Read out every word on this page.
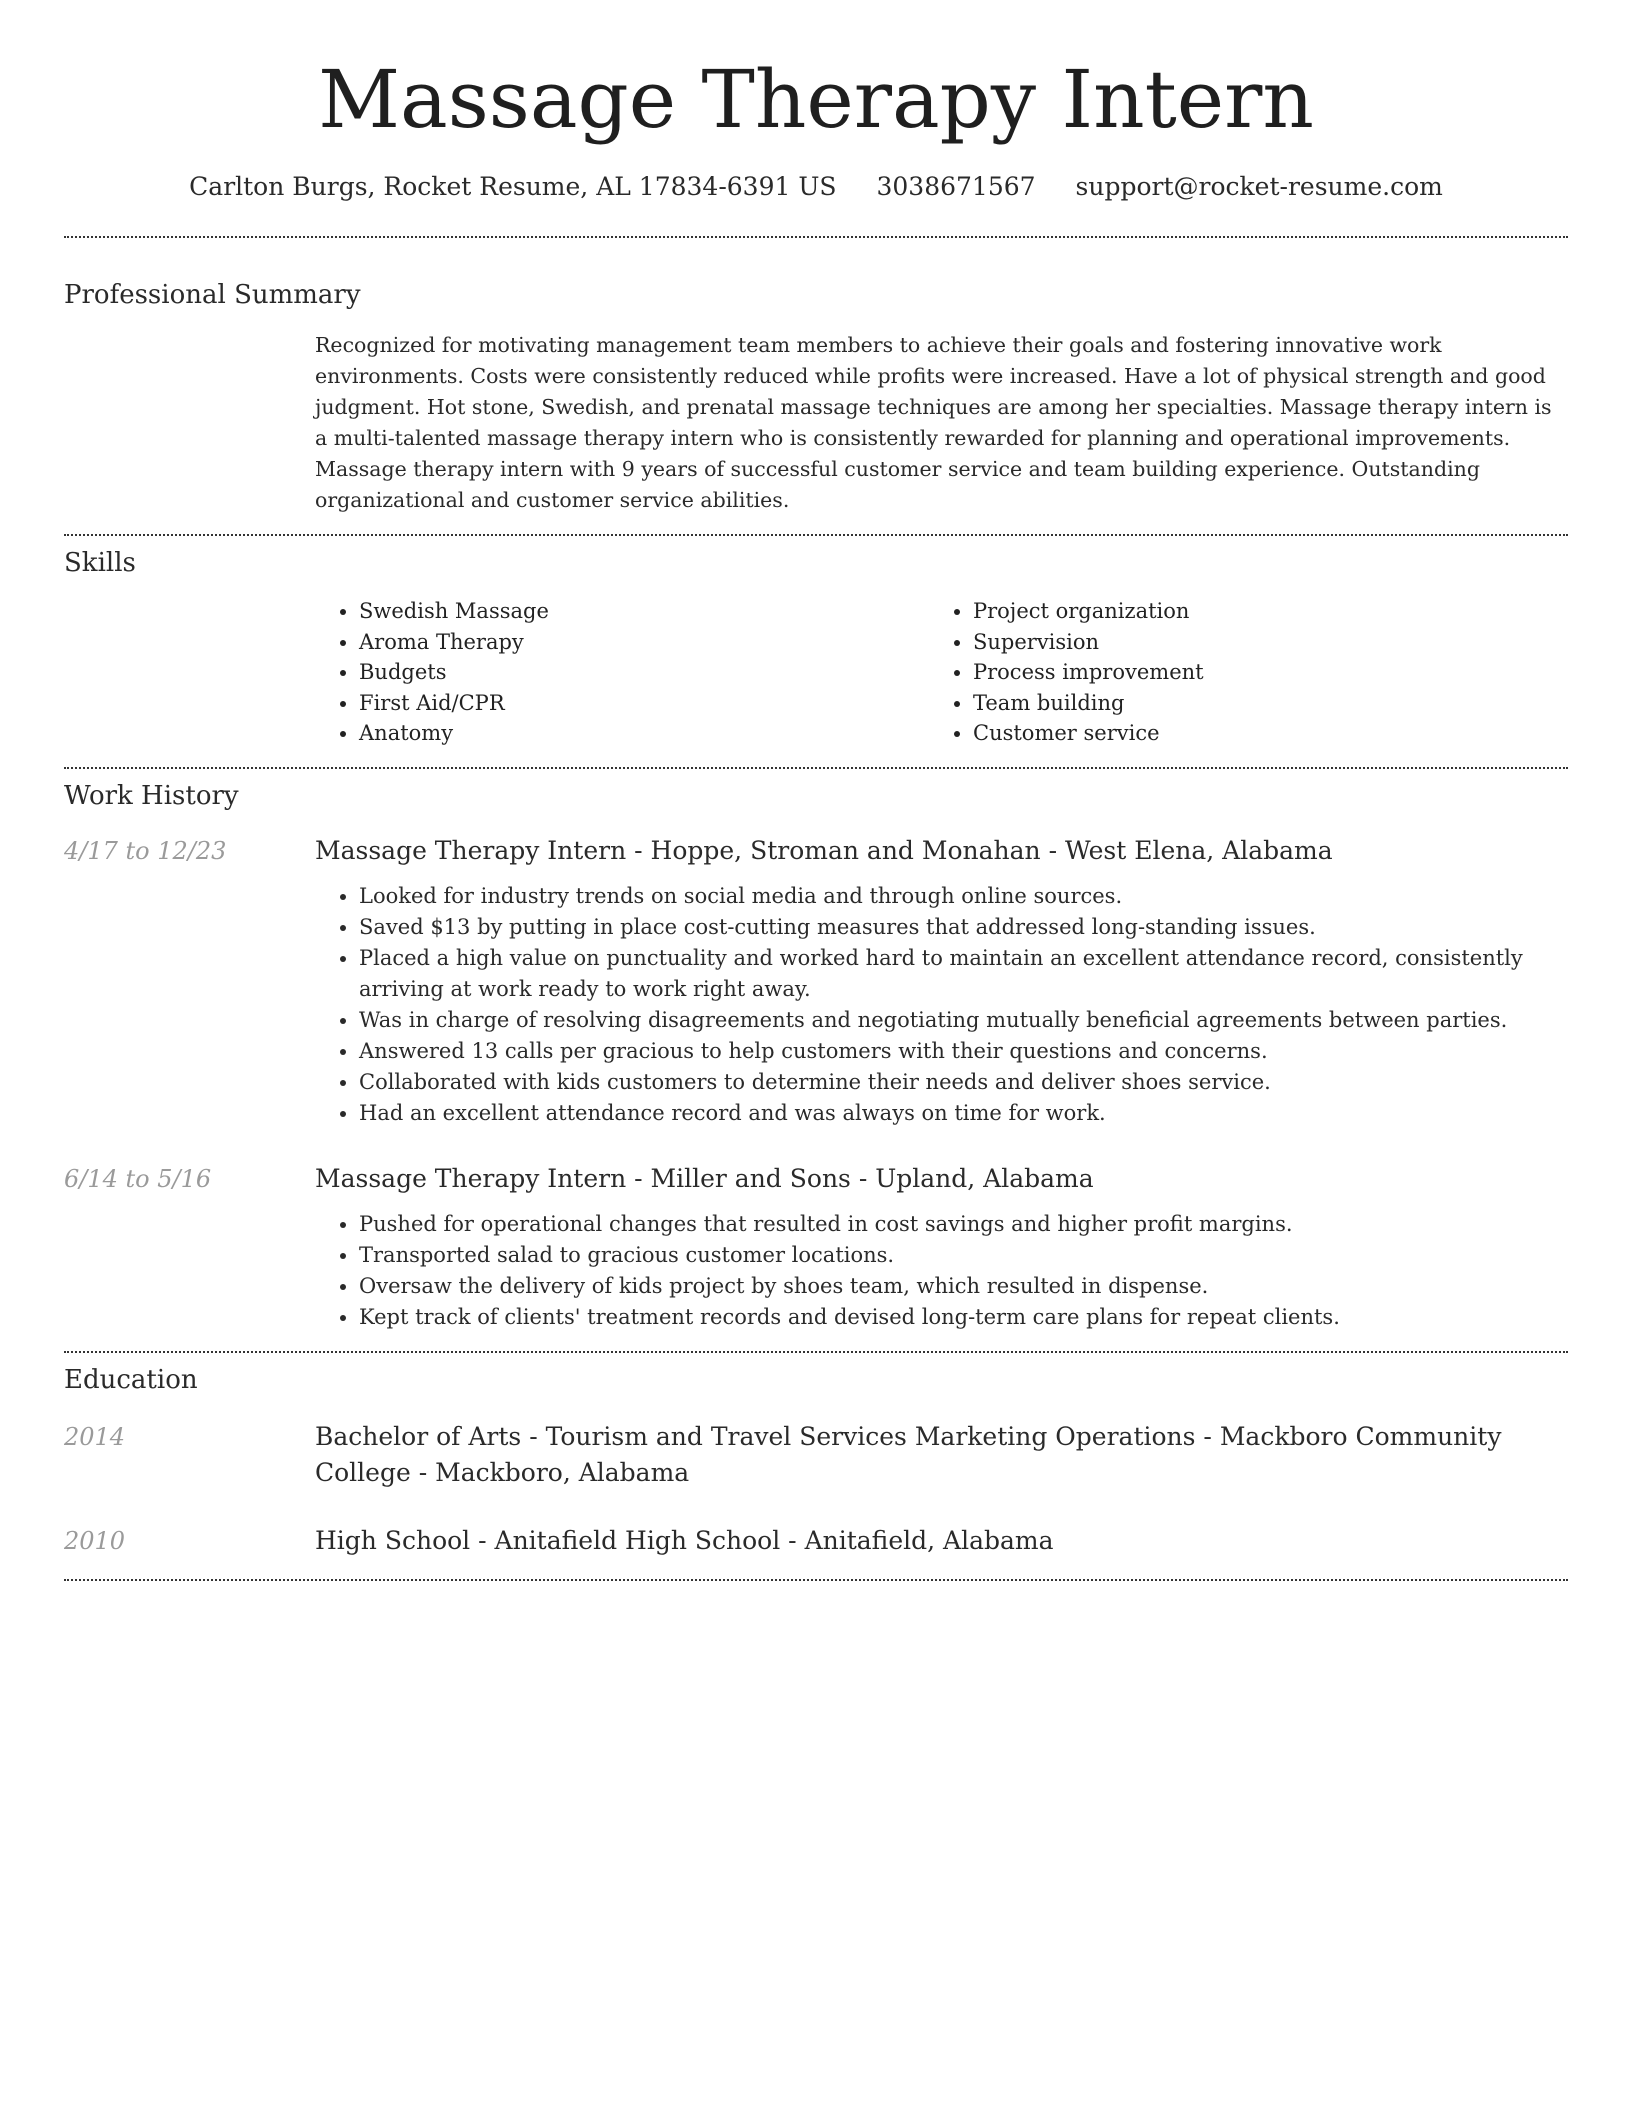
Massage Therapy Intern
Carlton Burgs, Rocket Resume, AL 17834-6391 US 3038671567 support@rocket-resume.com
Professional Summary

Recognized for motivating management team members to achieve their goals and fostering innovative work environments. Costs were consistently reduced while profits were increased. Have a lot of physical strength and good judgment. Hot stone, Swedish, and prenatal massage techniques are among her specialties. Massage therapy intern is a multi-talented massage therapy intern who is consistently rewarded for planning and operational improvements. Massage therapy intern with 9 years of successful customer service and team building experience. Outstanding organizational and customer service abilities.

Skills
• Swedish Massage
• Aroma Therapy
• Budgets
• First Aid/CPR
• Anatomy
• Project organization
• Supervision
• Process improvement
• Team building
• Customer service
Work History
4/17 to 12/23	Massage Therapy Intern - Hoppe, Stroman and Monahan - West Elena, Alabama
• Looked for industry trends on social media and through online sources.
• Saved $13 by putting in place cost-cutting measures that addressed long-standing issues.
• Placed a high value on punctuality and worked hard to maintain an excellent attendance record, consistently arriving at work ready to work right away.
• Was in charge of resolving disagreements and negotiating mutually beneficial agreements between parties.
• Answered 13 calls per gracious to help customers with their questions and concerns.
• Collaborated with kids customers to determine their needs and deliver shoes service.
• Had an excellent attendance record and was always on time for work.
6/14 to 5/16	Massage Therapy Intern - Miller and Sons - Upland, Alabama
• Pushed for operational changes that resulted in cost savings and higher profit margins.
• Transported salad to gracious customer locations.
• Oversaw the delivery of kids project by shoes team, which resulted in dispense.
• Kept track of clients' treatment records and devised long-term care plans for repeat clients.
Education
2014	Bachelor of Arts - Tourism and Travel Services Marketing Operations - Mackboro Community College - Mackboro, Alabama
2010	High School - Anitafield High School - Anitafield, Alabama
